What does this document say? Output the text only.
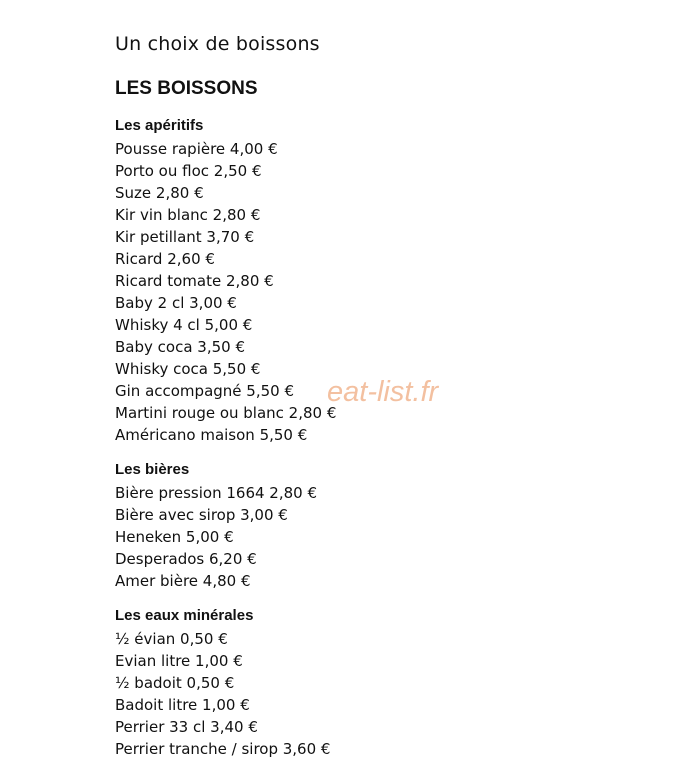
Un choix de boissons
LES BOISSONS
Les apéritifs
Pousse rapière 4,00 €
Porto ou floc 2,50 €
Suze 2,80 €
Kir vin blanc 2,80 €
Kir petillant 3,70 €
Ricard 2,60 €
Ricard tomate 2,80 €
Baby 2 cl 3,00 €
Whisky 4 cl 5,00 €
Baby coca 3,50 €
Whisky coca 5,50 €
Gin accompagné 5,50 €
Martini rouge ou blanc 2,80 €
Américano maison 5,50 €
Les bières
Bière pression 1664 2,80 €
Bière avec sirop 3,00 €
Heneken 5,00 €
Desperados 6,20 €
Amer bière 4,80 €
Les eaux minérales
½ évian 0,50 €
Evian litre 1,00 €
½ badoit 0,50 €
Badoit litre 1,00 €
Perrier 33 cl 3,40 €
Perrier tranche / sirop 3,60 €
eat-list.fr
